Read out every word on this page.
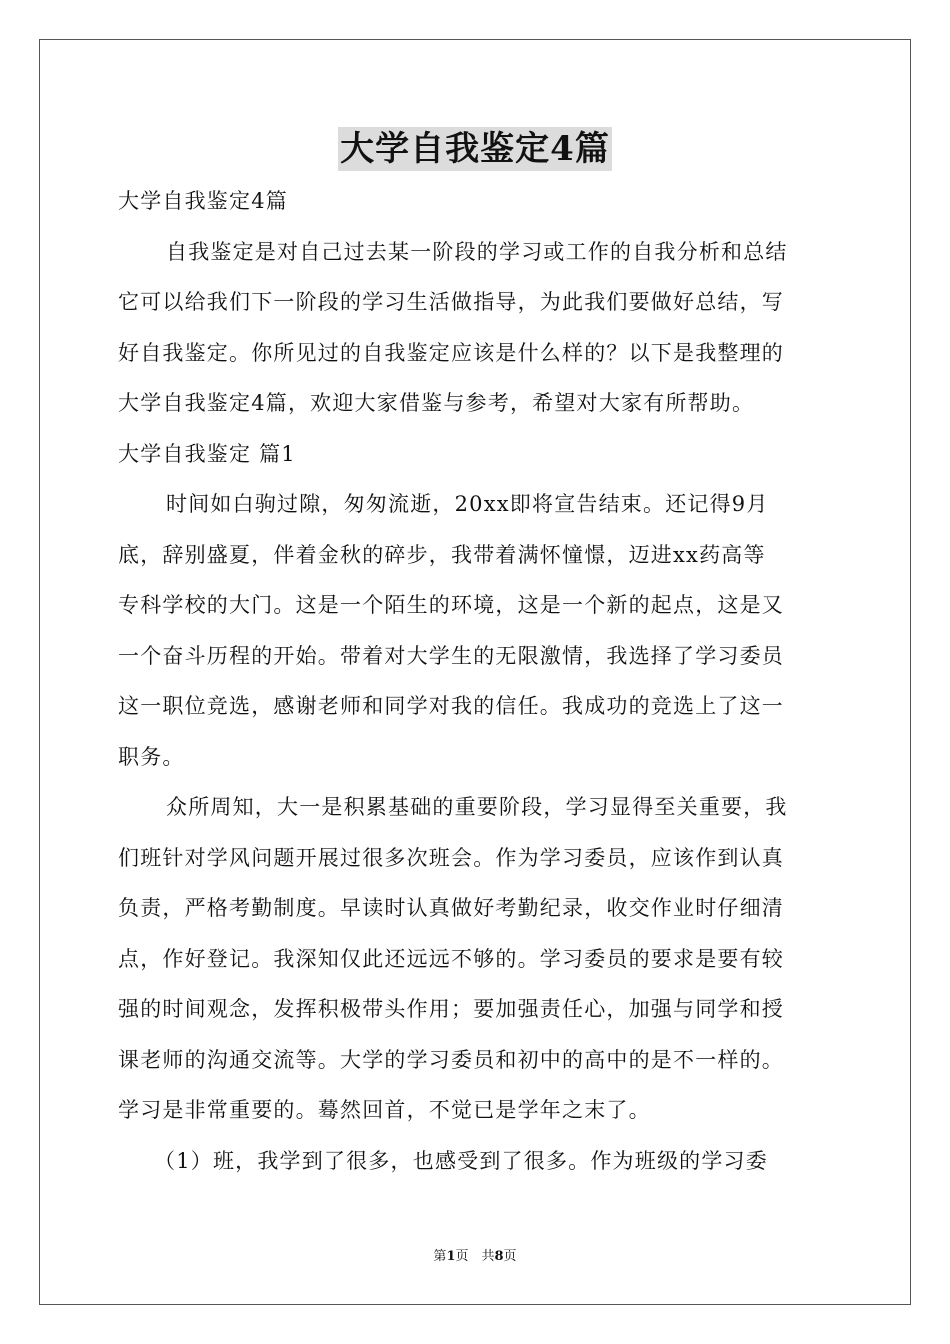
大学自我鉴定4篇
大学自我鉴定4篇
自我鉴定是对自己过去某一阶段的学习或工作的自我分析和总结
它可以给我们下一阶段的学习生活做指导，为此我们要做好总结，写
好自我鉴定。你所见过的自我鉴定应该是什么样的？以下是我整理的
大学自我鉴定4篇，欢迎大家借鉴与参考，希望对大家有所帮助。
大学自我鉴定 篇1
时间如白驹过隙，匆匆流逝，20xx即将宣告结束。还记得9月
底，辞别盛夏，伴着金秋的碎步，我带着满怀憧憬，迈进xx药高等
专科学校的大门。这是一个陌生的环境，这是一个新的起点，这是又
一个奋斗历程的开始。带着对大学生的无限激情，我选择了学习委员
这一职位竞选，感谢老师和同学对我的信任。我成功的竞选上了这一
职务。
众所周知，大一是积累基础的重要阶段，学习显得至关重要，我
们班针对学风问题开展过很多次班会。作为学习委员，应该作到认真
负责，严格考勤制度。早读时认真做好考勤纪录，收交作业时仔细清
点，作好登记。我深知仅此还远远不够的。学习委员的要求是要有较
强的时间观念，发挥积极带头作用；要加强责任心，加强与同学和授
课老师的沟通交流等。大学的学习委员和初中的高中的是不一样的。
学习是非常重要的。蓦然回首，不觉已是学年之末了。
（1）班，我学到了很多，也感受到了很多。作为班级的学习委
第1页　共8页
